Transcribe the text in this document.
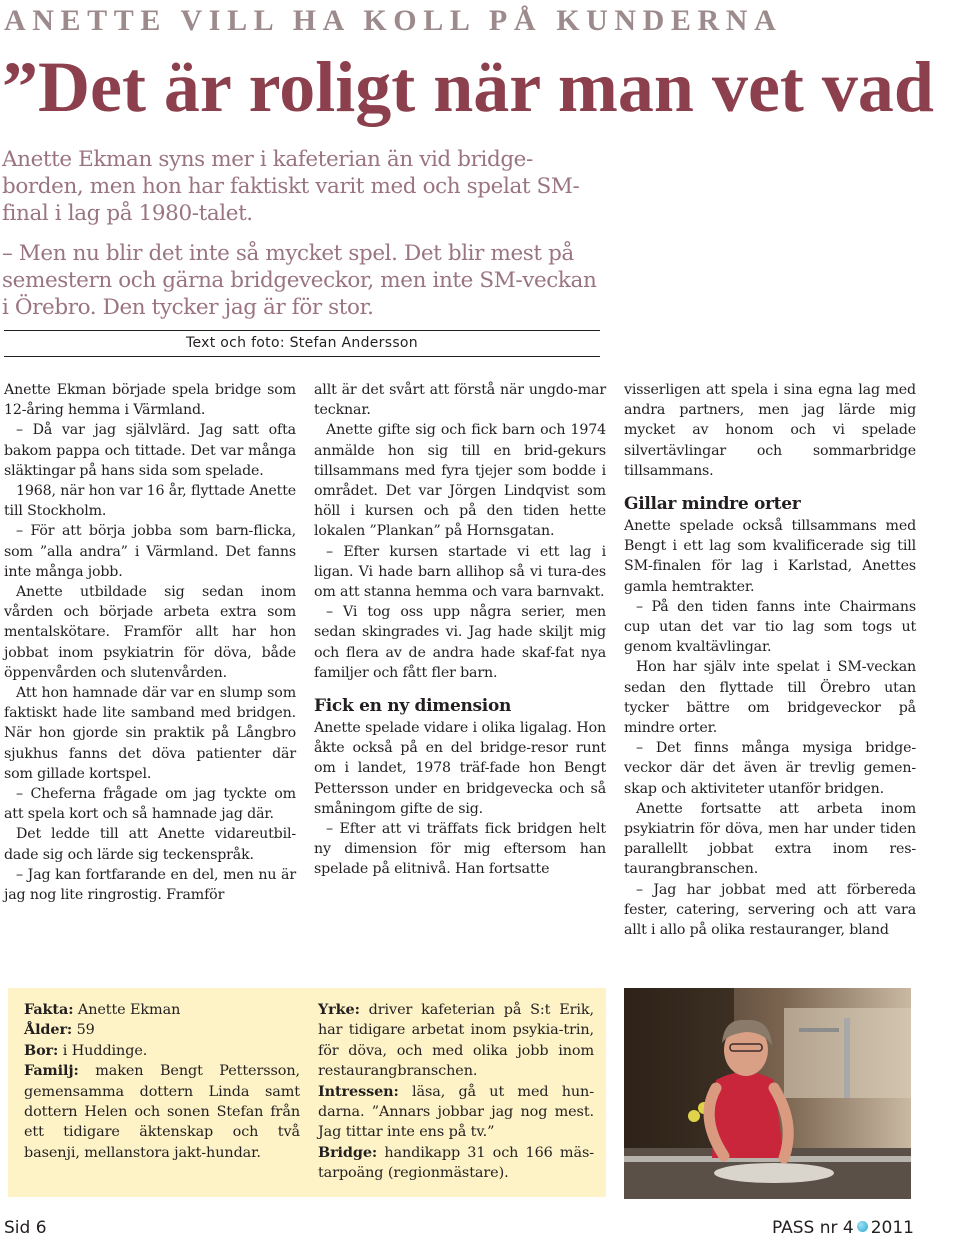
ANETTE VILL HA KOLL PÅ KUNDERNA
”Det är roligt när man vet vad

Anette Ekman syns mer i kafeterian än vid bridge-borden, men hon har faktiskt varit med och spelat SM-final i lag på 1980-talet.

– Men nu blir det inte så mycket spel. Det blir mest på semestern och gärna bridgeveckor, men inte SM-veckan i Örebro. Den tycker jag är för stor.

Text och foto: Stefan Andersson

Anette Ekman började spela bridge som 12-åring hemma i Värmland.

– Då var jag självlärd. Jag satt ofta bakom pappa och tittade. Det var många släktingar på hans sida som spelade.

1968, när hon var 16 år, flyttade Anette till Stockholm.

– För att börja jobba som barn-flicka, som ”alla andra” i Värmland. Det fanns inte många jobb.

Anette utbildade sig sedan inom vården och började arbeta extra som mentalskötare. Framför allt har hon jobbat inom psykiatrin för döva, både öppenvården och slutenvården.

Att hon hamnade där var en slump som faktiskt hade lite samband med bridgen. När hon gjorde sin praktik på Långbro sjukhus fanns det döva patienter där som gillade kortspel.

– Cheferna frågade om jag tyckte om att spela kort och så hamnade jag där.

Det ledde till att Anette vidareutbil-dade sig och lärde sig teckenspråk.

– Jag kan fortfarande en del, men nu är jag nog lite ringrostig. Framför

allt är det svårt att förstå när ungdo-mar tecknar.

Anette gifte sig och fick barn och 1974 anmälde hon sig till en brid-gekurs tillsammans med fyra tjejer som bodde i området. Det var Jörgen Lindqvist som höll i kursen och på den tiden hette lokalen ”Plankan” på Hornsgatan.

– Efter kursen startade vi ett lag i ligan. Vi hade barn allihop så vi tura-des om att stanna hemma och vara barnvakt.

– Vi tog oss upp några serier, men sedan skingrades vi. Jag hade skiljt mig och flera av de andra hade skaf-fat nya familjer och fått fler barn.

Fick en ny dimension

Anette spelade vidare i olika ligalag. Hon åkte också på en del bridge-resor runt om i landet, 1978 träf-fade hon Bengt Pettersson under en bridgevecka och så småningom gifte de sig.

– Efter att vi träffats fick bridgen helt ny dimension för mig eftersom han spelade på elitnivå. Han fortsatte

visserligen att spela i sina egna lag med andra partners, men jag lärde mig mycket av honom och vi spelade silvertävlingar och sommarbridge tillsammans.

Gillar mindre orter

Anette spelade också tillsammans med Bengt i ett lag som kvalificerade sig till SM-finalen för lag i Karlstad, Anettes gamla hemtrakter.

– På den tiden fanns inte Chairmans cup utan det var tio lag som togs ut genom kvaltävlingar.

Hon har själv inte spelat i SM-veckan sedan den flyttade till Örebro utan tycker bättre om bridgeveckor på mindre orter.

– Det finns många mysiga bridge-veckor där det även är trevlig gemen-skap och aktiviteter utanför bridgen.

Anette fortsatte att arbeta inom psykiatrin för döva, men har under tiden parallellt jobbat extra inom res-taurangbranschen.

– Jag har jobbat med att förbereda fester, catering, servering och att vara allt i allo på olika restauranger, bland

Fakta: Anette Ekman

Ålder: 59

Bor: i Huddinge.

Familj: maken Bengt Pettersson, gemensamma dottern Linda samt dottern Helen och sonen Stefan från ett tidigare äktenskap och två basenji, mellanstora jakt-hundar.

Yrke: driver kafeterian på S:t Erik, har tidigare arbetat inom psykia-trin, för döva, och med olika jobb inom restaurangbranschen.

Intressen: läsa, gå ut med hun-darna. ”Annars jobbar jag nog mest. Jag tittar inte ens på tv.”

Bridge: handikapp 31 och 166 mäs-tarpoäng (regionmästare).

Sid 6	PASS nr 4 2011
